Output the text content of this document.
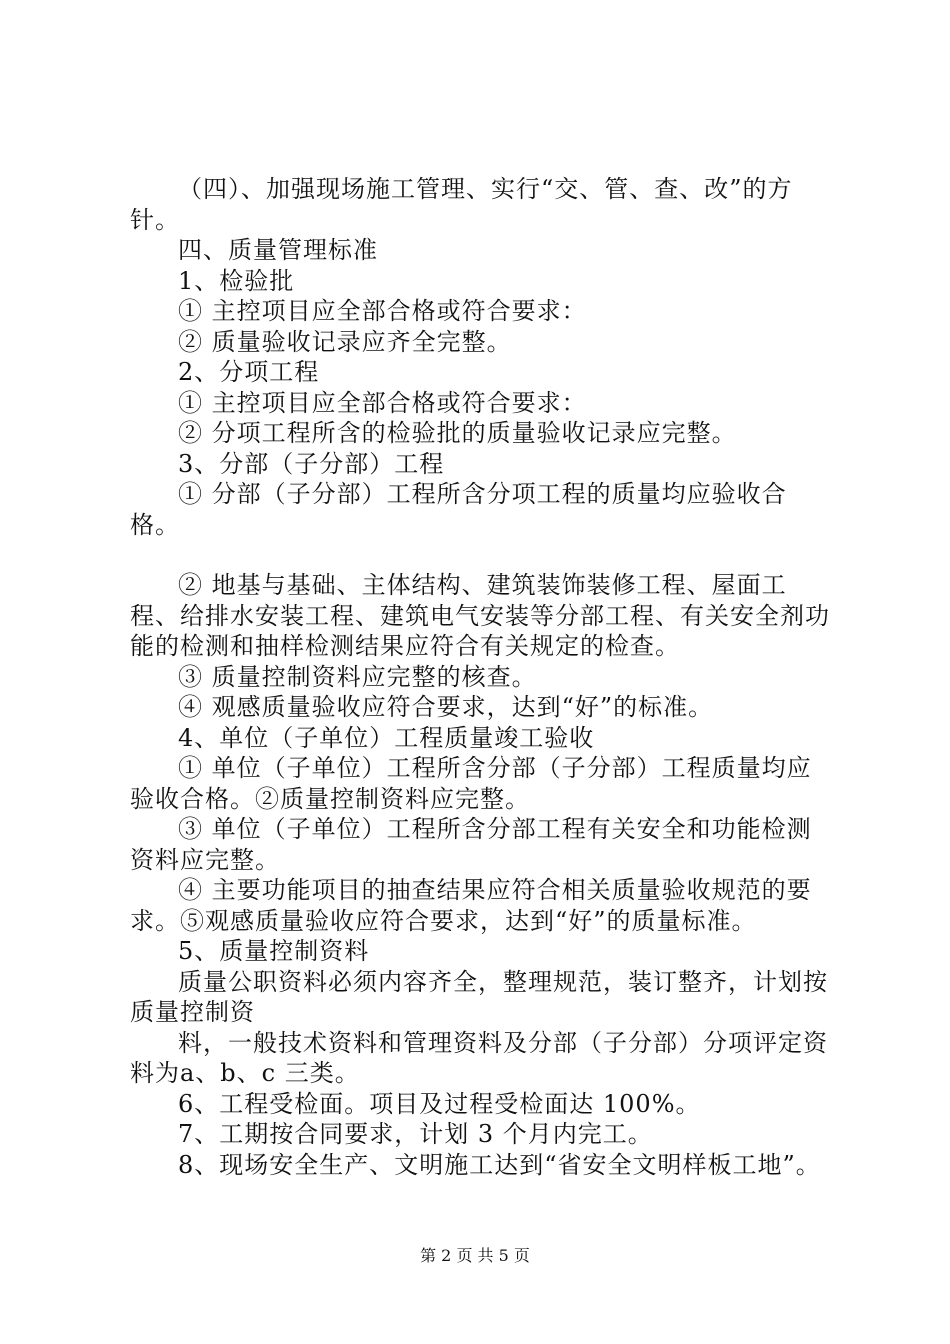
（四）、加强现场施工管理、实行“交、管、查、改”的方针。

四、质量管理标准

1、检验批

① 主控项目应全部合格或符合要求：

② 质量验收记录应齐全完整。

2、分项工程

① 主控项目应全部合格或符合要求：

② 分项工程所含的检验批的质量验收记录应完整。

3、分部（子分部）工程

① 分部（子分部）工程所含分项工程的质量均应验收合格。

② 地基与基础、主体结构、建筑装饰装修工程、屋面工程、给排水安装工程、建筑电气安装等分部工程、有关安全剂功能的检测和抽样检测结果应符合有关规定的检查。

③ 质量控制资料应完整的核查。

④ 观感质量验收应符合要求，达到“好”的标准。

4、单位（子单位）工程质量竣工验收

① 单位（子单位）工程所含分部（子分部）工程质量均应验收合格。②质量控制资料应完整。

③ 单位（子单位）工程所含分部工程有关安全和功能检测资料应完整。

④ 主要功能项目的抽查结果应符合相关质量验收规范的要求。⑤观感质量验收应符合要求，达到“好”的质量标准。

5、质量控制资料

质量公职资料必须内容齐全，整理规范，装订整齐，计划按质量控制资

料，一般技术资料和管理资料及分部（子分部）分项评定资料为a、b、c 三类。

6、工程受检面。项目及过程受检面达 100%。

7、工期按合同要求，计划 3 个月内完工。

8、现场安全生产、文明施工达到“省安全文明样板工地”。

第 2 页 共 5 页
